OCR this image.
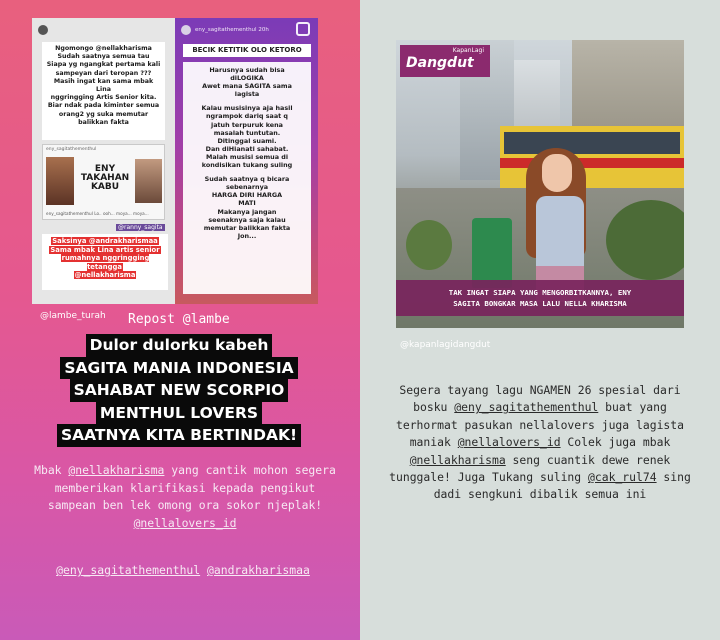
Ngomongo @nellakharisma
Sudah saatnya semua tau
Siapa yg ngangkat pertama kali
sampeyan dari teropan ???
Masih ingat kan sama mbak Lina
nggringging Artis Senior kita.
Biar ndak pada kiminter semua
orang2 yg suka memutar
balikkan fakta
eny_sagitathementhul
ENY TAKAHAN KABU
eny_sagitathementhul Lo.. ooh... moya... moya...
@ranny_sagita
Saksinya @andrakharismaa
Sama mbak Lina artis senior
rumahnya nggringging tetangga
@nellakharisma
eny_sagitathementhul 20h
BECIK KETITIK OLO KETORO
Harusnya sudah bisa
diLOGIKA
Awet mana SAGITA sama
lagista
Kalau musisinya aja hasil
ngrampok dariq saat q
jatuh terpuruk kena
masalah tuntutan.
Ditinggal suami.
Dan diHianati sahabat.
Malah musisi semua di
kondisikan tukang suling
Sudah saatnya q bicara
sebenarnya
HARGA DIRI HARGA
MATI
Makanya jangan
seenaknya saja kalau
memutar balikkan fakta
Jon...
@lambe_turah Repost @lambe
Dulor dulorku kabeh
SAGITA MANIA INDONESIA
SAHABAT NEW SCORPIO
MENTHUL LOVERS
SAATNYA KITA BERTINDAK!
Mbak @nellakharisma yang cantik mohon segera memberikan klarifikasi kepada pengikut sampean ben lek omong ora sokor njeplak! @nellalovers_id
@eny_sagitathementhul @andrakharismaa
KapanLagi
Dangdut
TAK INGAT SIAPA YANG MENGORBITKANNYA, ENY
SAGITA BONGKAR MASA LALU NELLA KHARISMA
@kapanlagidangdut
Segera tayang lagu NGAMEN 26 spesial dari bosku @eny_sagitathementhul buat yang terhormat pasukan nellalovers juga lagista maniak @nellalovers_id Colek juga mbak @nellakharisma seng cuantik dewe renek tunggale! Juga Tukang suling @cak_rul74 sing dadi sengkuni dibalik semua ini
